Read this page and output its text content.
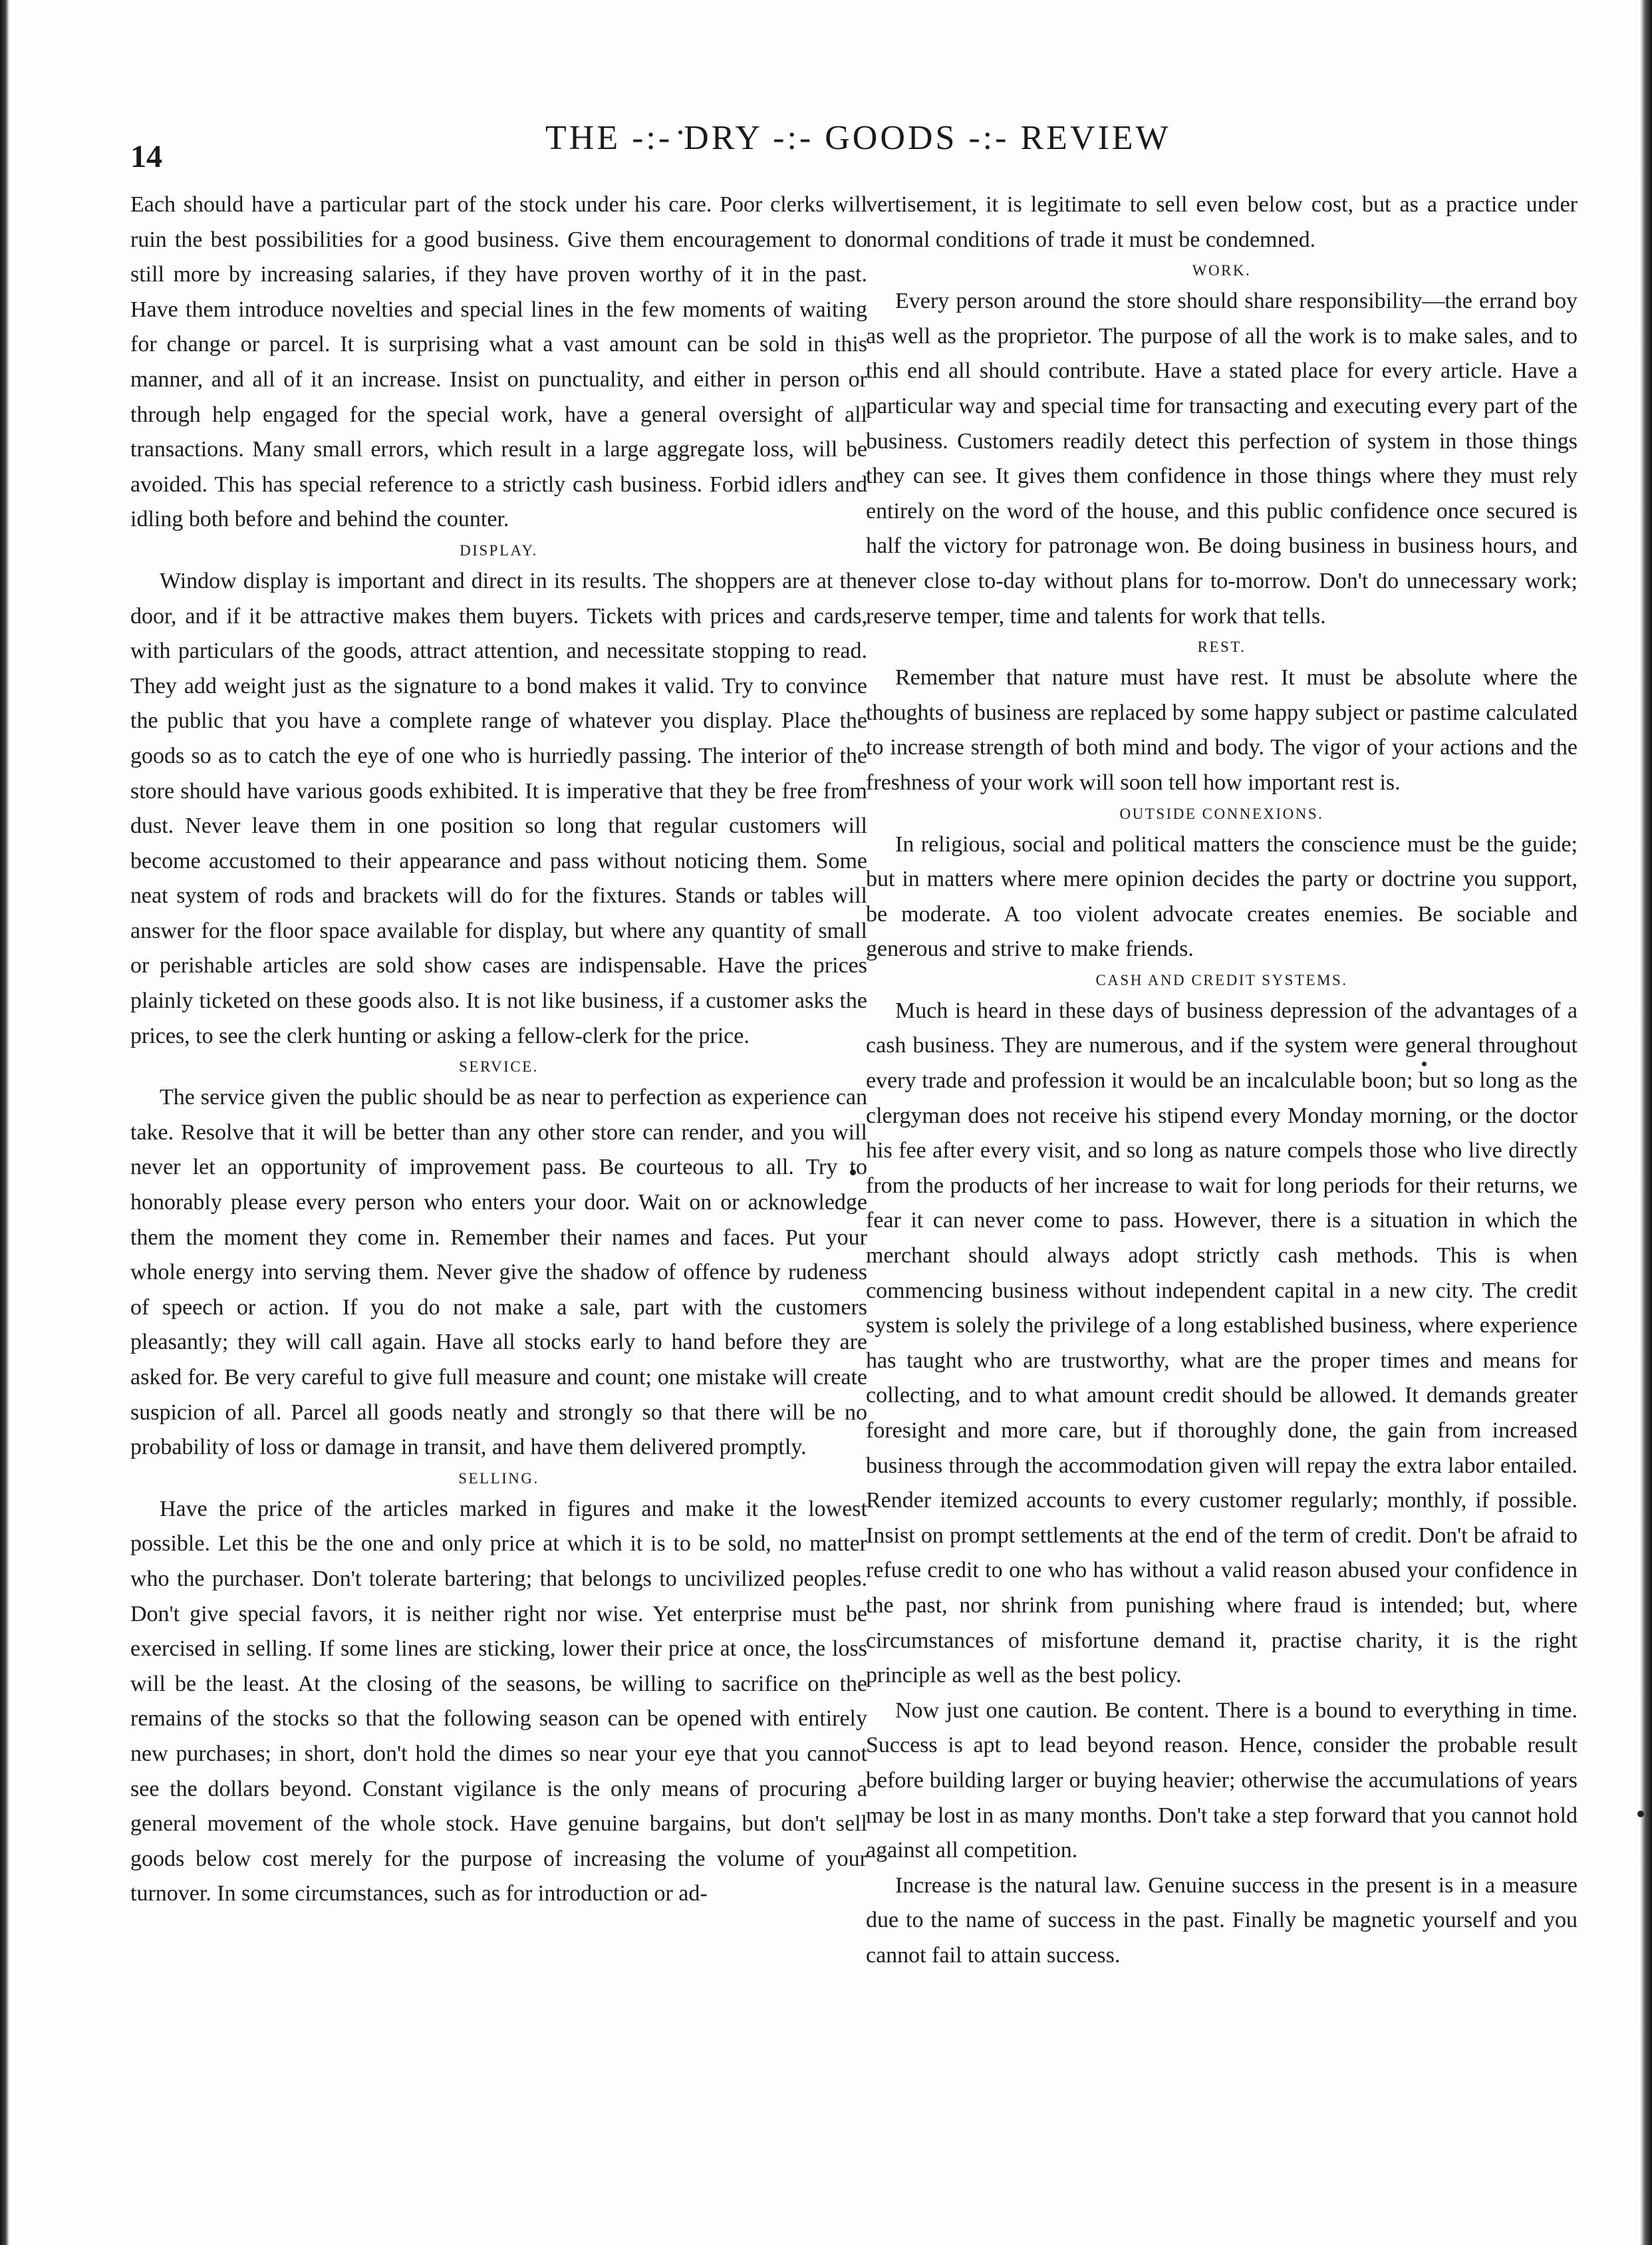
14	THE -:- DRY -:- GOODS -:- REVIEW

Each should have a particular part of the stock under his care. Poor clerks will ruin the best possibilities for a good business. Give them encouragement to do still more by increasing salaries, if they have proven worthy of it in the past. Have them introduce novelties and special lines in the few moments of waiting for change or parcel. It is surprising what a vast amount can be sold in this manner, and all of it an increase. Insist on punctuality, and either in person or through help engaged for the special work, have a general oversight of all transactions. Many small errors, which result in a large aggregate loss, will be avoided. This has special reference to a strictly cash business. Forbid idlers and idling both before and behind the counter.

DISPLAY.

Window display is important and direct in its results. The shoppers are at the door, and if it be attractive makes them buyers. Tickets with prices and cards, with particulars of the goods, attract attention, and necessitate stopping to read. They add weight just as the signature to a bond makes it valid. Try to convince the public that you have a complete range of whatever you display. Place the goods so as to catch the eye of one who is hurriedly passing. The interior of the store should have various goods exhibited. It is imperative that they be free from dust. Never leave them in one position so long that regular customers will become accustomed to their appearance and pass without noticing them. Some neat system of rods and brackets will do for the fixtures. Stands or tables will answer for the floor space available for display, but where any quantity of small or perishable articles are sold show cases are indispensable. Have the prices plainly ticketed on these goods also. It is not like business, if a customer asks the prices, to see the clerk hunting or asking a fellow-clerk for the price.

SERVICE.

The service given the public should be as near to perfection as experience can take. Resolve that it will be better than any other store can render, and you will never let an opportunity of improvement pass. Be courteous to all. Try to honorably please every person who enters your door. Wait on or acknowledge them the moment they come in. Remember their names and faces. Put your whole energy into serving them. Never give the shadow of offence by rudeness of speech or action. If you do not make a sale, part with the customers pleasantly; they will call again. Have all stocks early to hand before they are asked for. Be very careful to give full measure and count; one mistake will create suspicion of all. Parcel all goods neatly and strongly so that there will be no probability of loss or damage in transit, and have them delivered promptly.

SELLING.

Have the price of the articles marked in figures and make it the lowest possible. Let this be the one and only price at which it is to be sold, no matter who the purchaser. Don't tolerate bartering; that belongs to uncivilized peoples. Don't give special favors, it is neither right nor wise. Yet enterprise must be exercised in selling. If some lines are sticking, lower their price at once, the loss will be the least. At the closing of the seasons, be willing to sacrifice on the remains of the stocks so that the following season can be opened with entirely new purchases; in short, don't hold the dimes so near your eye that you cannot see the dollars beyond. Constant vigilance is the only means of procuring a general movement of the whole stock. Have genuine bargains, but don't sell goods below cost merely for the purpose of increasing the volume of your turnover. In some circumstances, such as for introduction or ad-

vertisement, it is legitimate to sell even below cost, but as a practice under normal conditions of trade it must be condemned.

WORK.

Every person around the store should share responsibility—the errand boy as well as the proprietor. The purpose of all the work is to make sales, and to this end all should contribute. Have a stated place for every article. Have a particular way and special time for transacting and executing every part of the business. Customers readily detect this perfection of system in those things they can see. It gives them confidence in those things where they must rely entirely on the word of the house, and this public confidence once secured is half the victory for patronage won. Be doing business in business hours, and never close to-day without plans for to-morrow. Don't do unnecessary work; reserve temper, time and talents for work that tells.

REST.

Remember that nature must have rest. It must be absolute where the thoughts of business are replaced by some happy subject or pastime calculated to increase strength of both mind and body. The vigor of your actions and the freshness of your work will soon tell how important rest is.

OUTSIDE CONNEXIONS.

In religious, social and political matters the conscience must be the guide; but in matters where mere opinion decides the party or doctrine you support, be moderate. A too violent advocate creates enemies. Be sociable and generous and strive to make friends.

CASH AND CREDIT SYSTEMS.

Much is heard in these days of business depression of the advantages of a cash business. They are numerous, and if the system were general throughout every trade and profession it would be an incalculable boon; but so long as the clergyman does not receive his stipend every Monday morning, or the doctor his fee after every visit, and so long as nature compels those who live directly from the products of her increase to wait for long periods for their returns, we fear it can never come to pass. However, there is a situation in which the merchant should always adopt strictly cash methods. This is when commencing business without independent capital in a new city. The credit system is solely the privilege of a long established business, where experience has taught who are trustworthy, what are the proper times and means for collecting, and to what amount credit should be allowed. It demands greater foresight and more care, but if thoroughly done, the gain from increased business through the accommodation given will repay the extra labor entailed. Render itemized accounts to every customer regularly; monthly, if possible. Insist on prompt settlements at the end of the term of credit. Don't be afraid to refuse credit to one who has without a valid reason abused your confidence in the past, nor shrink from punishing where fraud is intended; but, where circumstances of misfortune demand it, practise charity, it is the right principle as well as the best policy.

Now just one caution. Be content. There is a bound to everything in time. Success is apt to lead beyond reason. Hence, consider the probable result before building larger or buying heavier; otherwise the accumulations of years may be lost in as many months. Don't take a step forward that you cannot hold against all competition.

Increase is the natural law. Genuine success in the present is in a measure due to the name of success in the past. Finally be magnetic yourself and you cannot fail to attain success.
